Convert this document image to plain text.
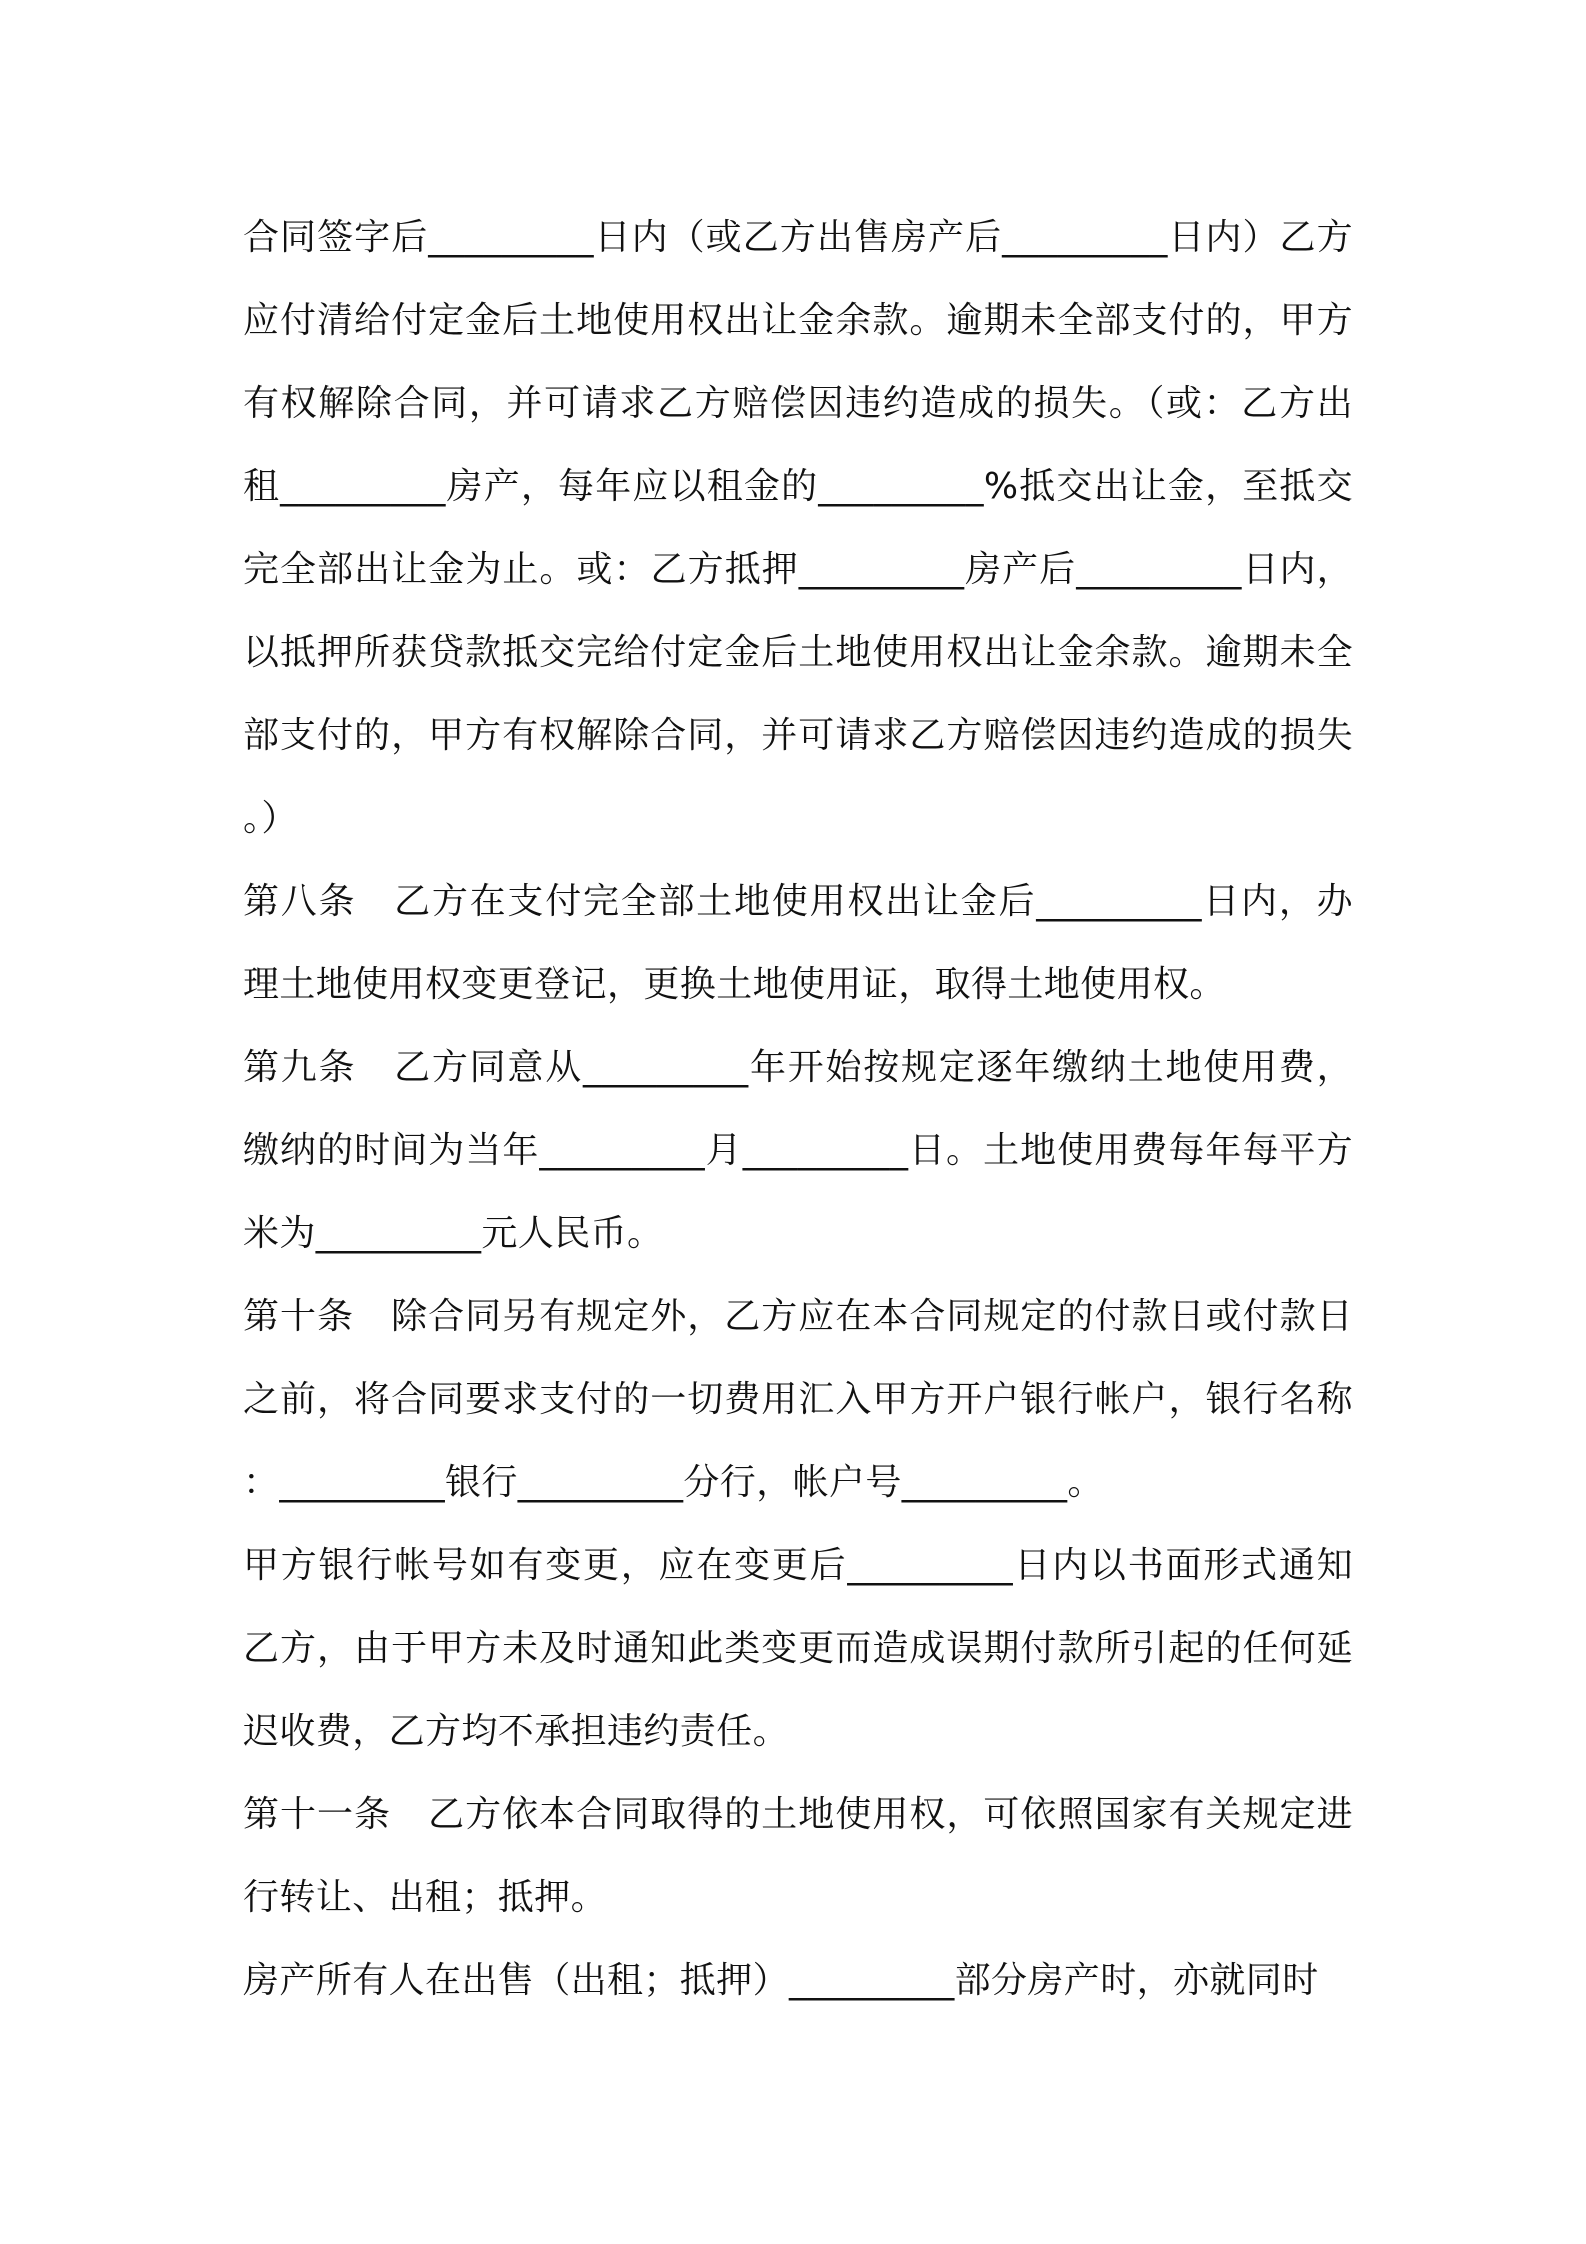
合同签字后_________日内（或乙方出售房产后_________日内）乙方应付清给付定金后土地使用权出让金余款。逾期未全部支付的，甲方有权解除合同，并可请求乙方赔偿因违约造成的损失。（或：乙方出租_________房产，每年应以租金的_________%抵交出让金，至抵交完全部出让金为止。或：乙方抵押_________房产后_________日内，以抵押所获贷款抵交完给付定金后土地使用权出让金余款。逾期未全部支付的，甲方有权解除合同，并可请求乙方赔偿因违约造成的损失。）

第八条　乙方在支付完全部土地使用权出让金后_________日内，办理土地使用权变更登记，更换土地使用证，取得土地使用权。

第九条　乙方同意从_________年开始按规定逐年缴纳土地使用费，缴纳的时间为当年_________月_________日。土地使用费每年每平方米为_________元人民币。

第十条　除合同另有规定外，乙方应在本合同规定的付款日或付款日之前，将合同要求支付的一切费用汇入甲方开户银行帐户，银行名称：_________银行_________分行，帐户号_________。

甲方银行帐号如有变更，应在变更后_________日内以书面形式通知乙方，由于甲方未及时通知此类变更而造成误期付款所引起的任何延迟收费，乙方均不承担违约责任。

第十一条　乙方依本合同取得的土地使用权，可依照国家有关规定进行转让、出租；抵押。

房产所有人在出售（出租；抵押）_________部分房产时，亦就同时
